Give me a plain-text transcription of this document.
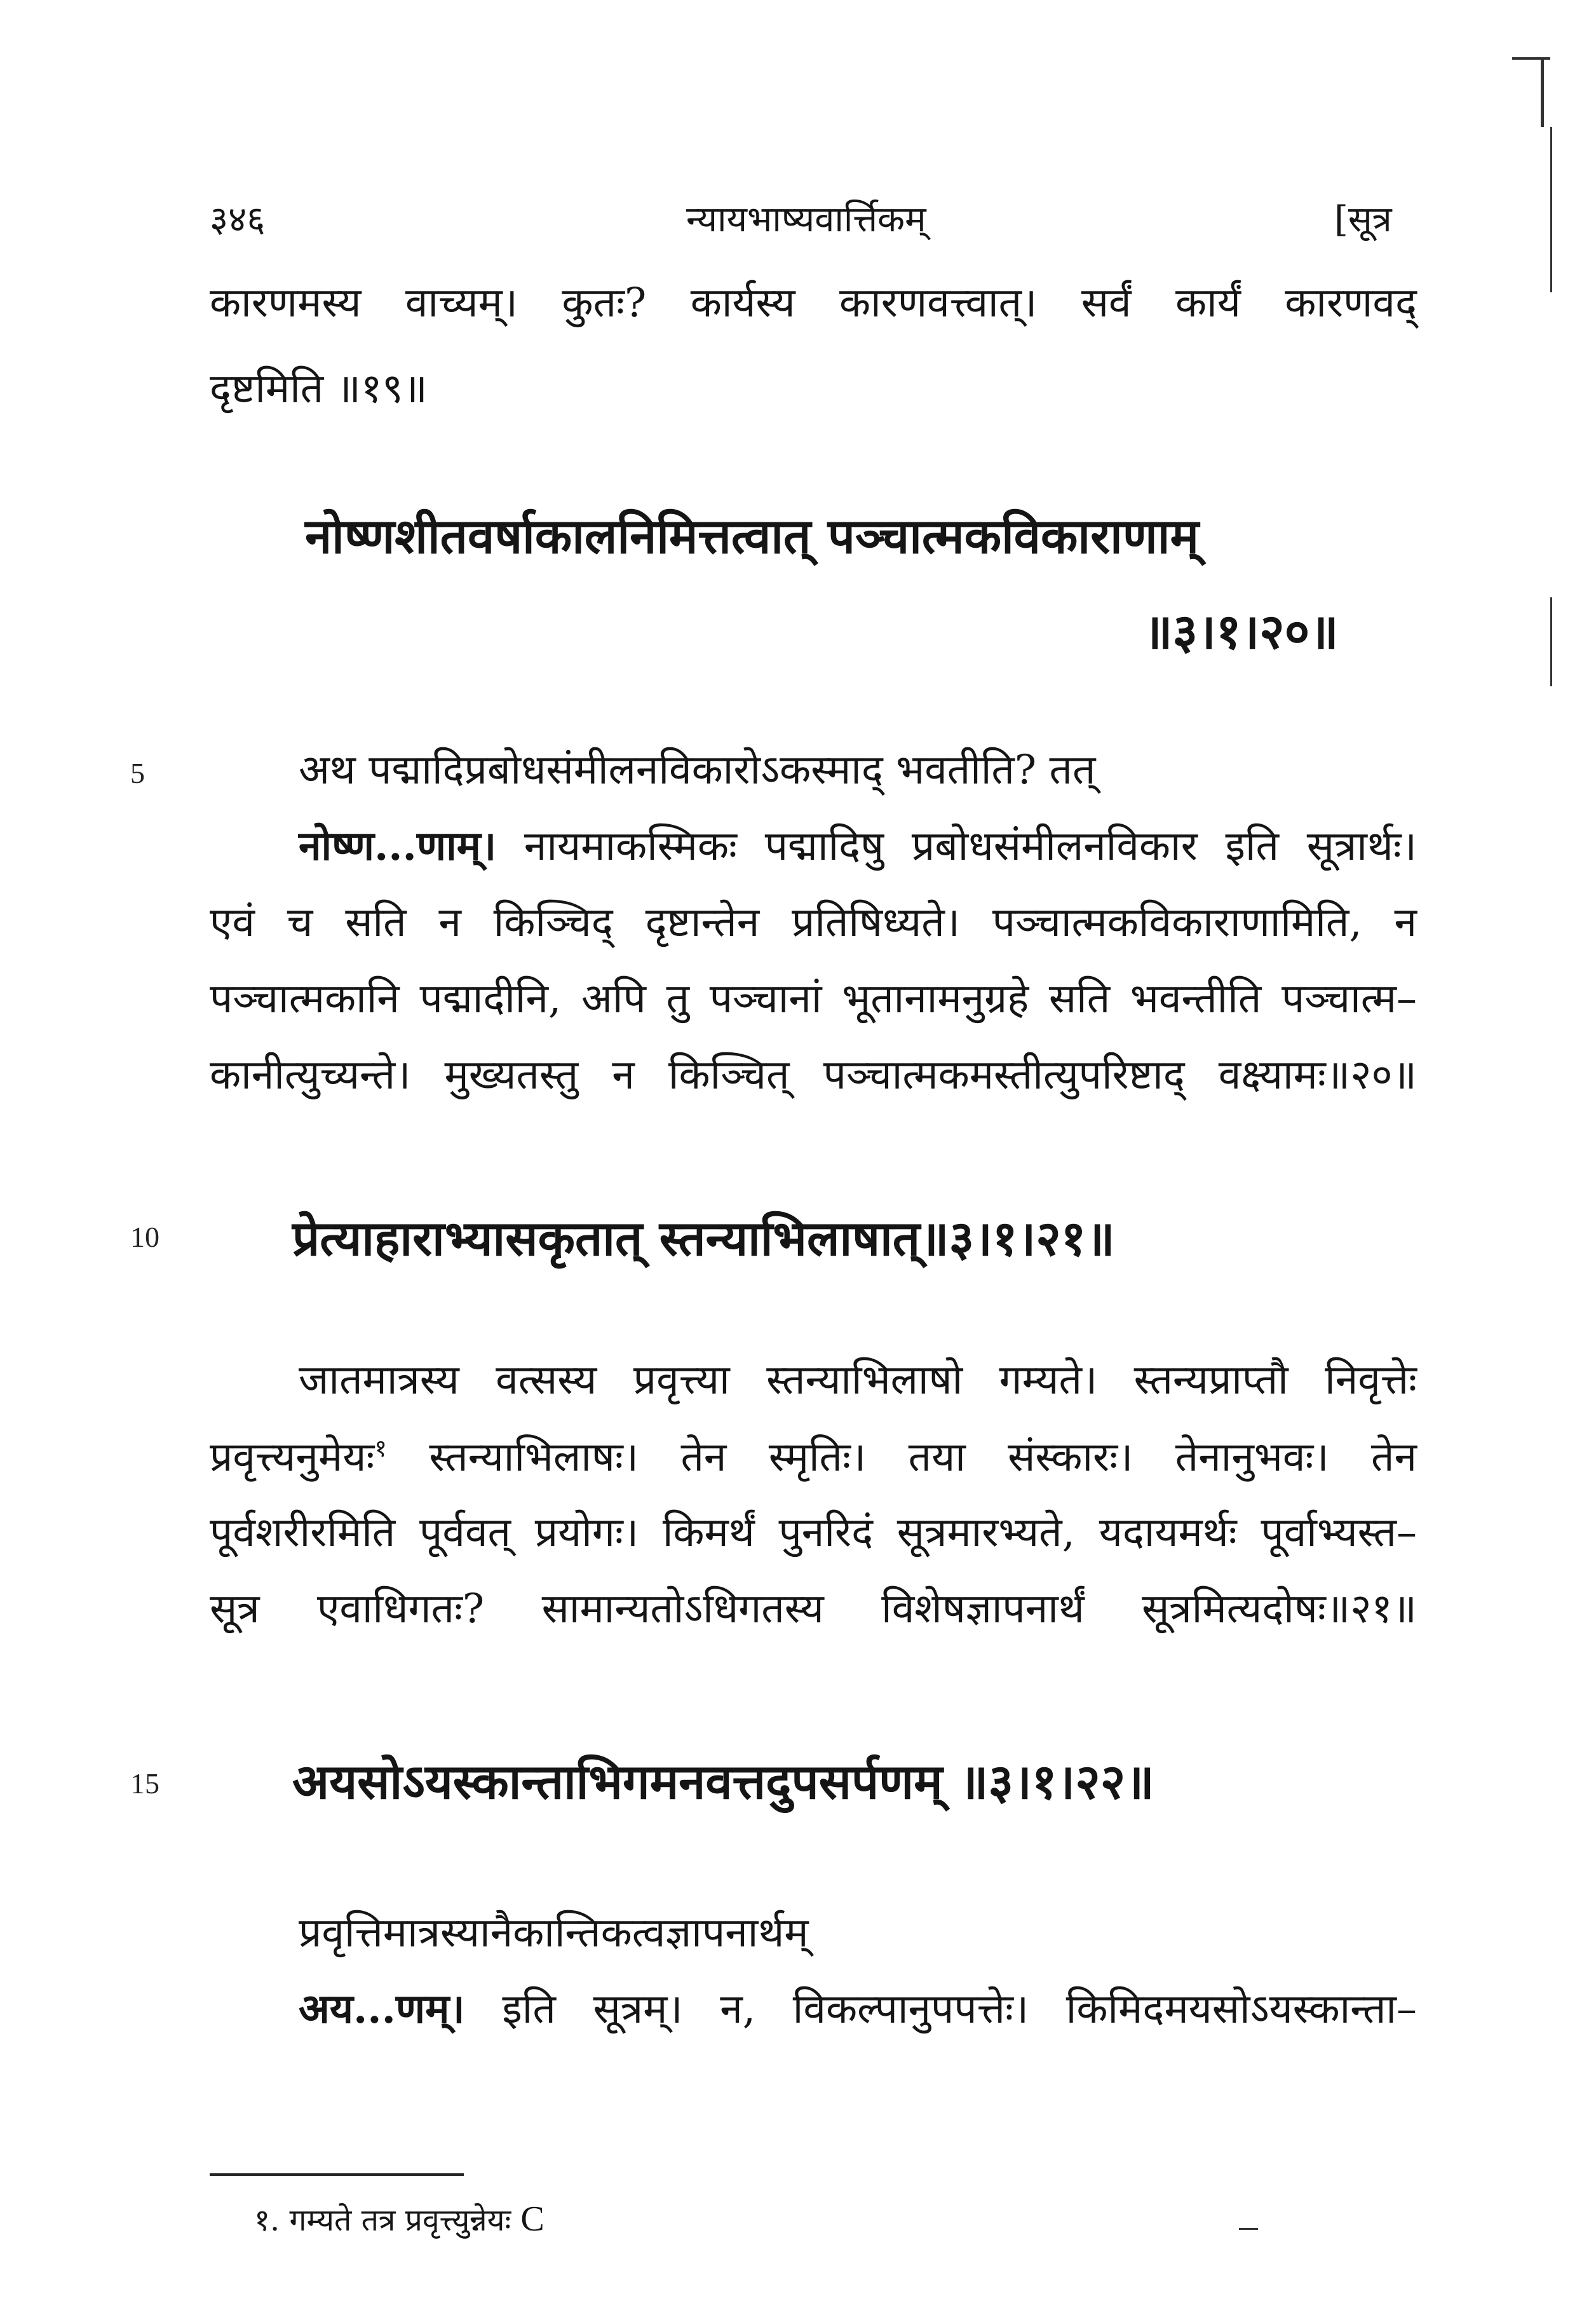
३४६	न्यायभाष्यवार्त्तिकम्	[सूत्र
कारणमस्य वाच्यम्। कुतः? कार्यस्य कारणवत्त्वात्। सर्वं कार्यं कारणवद्
दृष्टमिति ॥१९॥
नोष्णशीतवर्षाकालनिमित्तत्वात् पञ्चात्मकविकाराणाम्
॥३।१।२०॥
5	अथ पद्मादिप्रबोधसंमीलनविकारोऽकस्माद् भवतीति? तत्
नोष्ण...णाम्। नायमाकस्मिकः पद्मादिषु प्रबोधसंमीलनविकार इति सूत्रार्थः।
एवं च सति न किञ्चिद् दृष्टान्तेन प्रतिषिध्यते। पञ्चात्मकविकाराणामिति, न
पञ्चात्मकानि पद्मादीनि, अपि तु पञ्चानां भूतानामनुग्रहे सति भवन्तीति पञ्चात्म–
कानीत्युच्यन्ते। मुख्यतस्तु न किञ्चित् पञ्चात्मकमस्तीत्युपरिष्टाद् वक्ष्यामः॥२०॥
10	प्रेत्याहाराभ्यासकृतात् स्तन्याभिलाषात्॥३।१।२१॥
जातमात्रस्य वत्सस्य प्रवृत्त्या स्तन्याभिलाषो गम्यते। स्तन्यप्राप्तौ निवृत्तेः
प्रवृत्त्यनुमेयः$^१$ स्तन्याभिलाषः। तेन स्मृतिः। तया संस्कारः। तेनानुभवः। तेन
पूर्वशरीरमिति पूर्ववत् प्रयोगः। किमर्थं पुनरिदं सूत्रमारभ्यते, यदायमर्थः पूर्वाभ्यस्त–
सूत्र एवाधिगतः? सामान्यतोऽधिगतस्य विशेषज्ञापनार्थं सूत्रमित्यदोषः॥२१॥
15	अयसोऽयस्कान्ताभिगमनवत्तदुपसर्पणम् ॥३।१।२२॥
प्रवृत्तिमात्रस्यानैकान्तिकत्वज्ञापनार्थम्
अय...णम्। इति सूत्रम्। न, विकल्पानुपपत्तेः। किमिदमयसोऽयस्कान्ता–
१. गम्यते तत्र प्रवृत्त्युन्नेयः C
